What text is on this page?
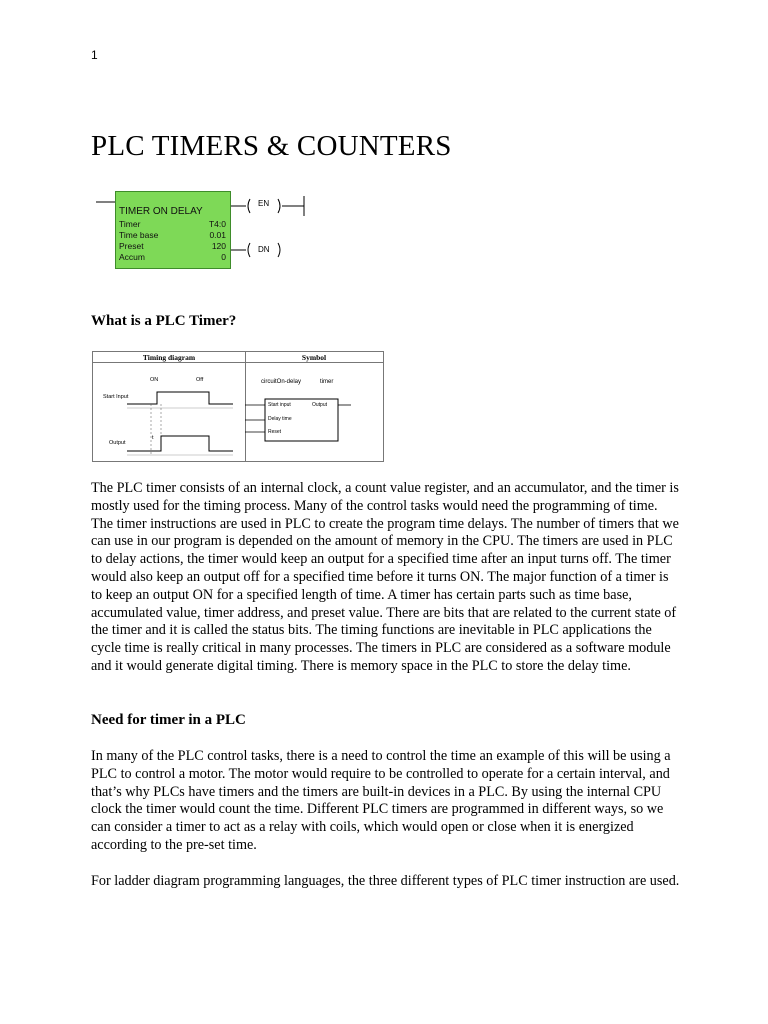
1
PLC TIMERS & COUNTERS
TIMER ON DELAY
Timer	T4:0
Time base	0.01
Preset	120
Accum	0
EN
DN
What is a PLC Timer?
Timing diagram	Symbol
ON	Off
Start Input
Output
t
circuitOn-delay	timer
Start input	Output
Delay time
Reset

The PLC timer consists of an internal clock, a count value register, and an accumulator, and the timer is mostly used for the timing process. Many of the control tasks would need the programming of time. The timer instructions are used in PLC to create the program time delays. The number of timers that we can use in our program is depended on the amount of memory in the CPU. The timers are used in PLC to delay actions, the timer would keep an output for a specified time after an input turns off. The timer would also keep an output off for a specified time before it turns ON. The major function of a timer is to keep an output ON for a specified length of time. A timer has certain parts such as time base, accumulated value, timer address, and preset value. There are bits that are related to the current state of the timer and it is called the status bits. The timing functions are inevitable in PLC applications the cycle time is really critical in many processes. The timers in PLC are considered as a software module and it would generate digital timing. There is memory space in the PLC to store the delay time.

Need for timer in a PLC

In many of the PLC control tasks, there is a need to control the time an example of this will be using a PLC to control a motor. The motor would require to be controlled to operate for a certain interval, and that’s why PLCs have timers and the timers are built-in devices in a PLC. By using the internal CPU clock the timer would count the time. Different PLC timers are programmed in different ways, so we can consider a timer to act as a relay with coils, which would open or close when it is energized according to the pre-set time.

For ladder diagram programming languages, the three different types of PLC timer instruction are used.
